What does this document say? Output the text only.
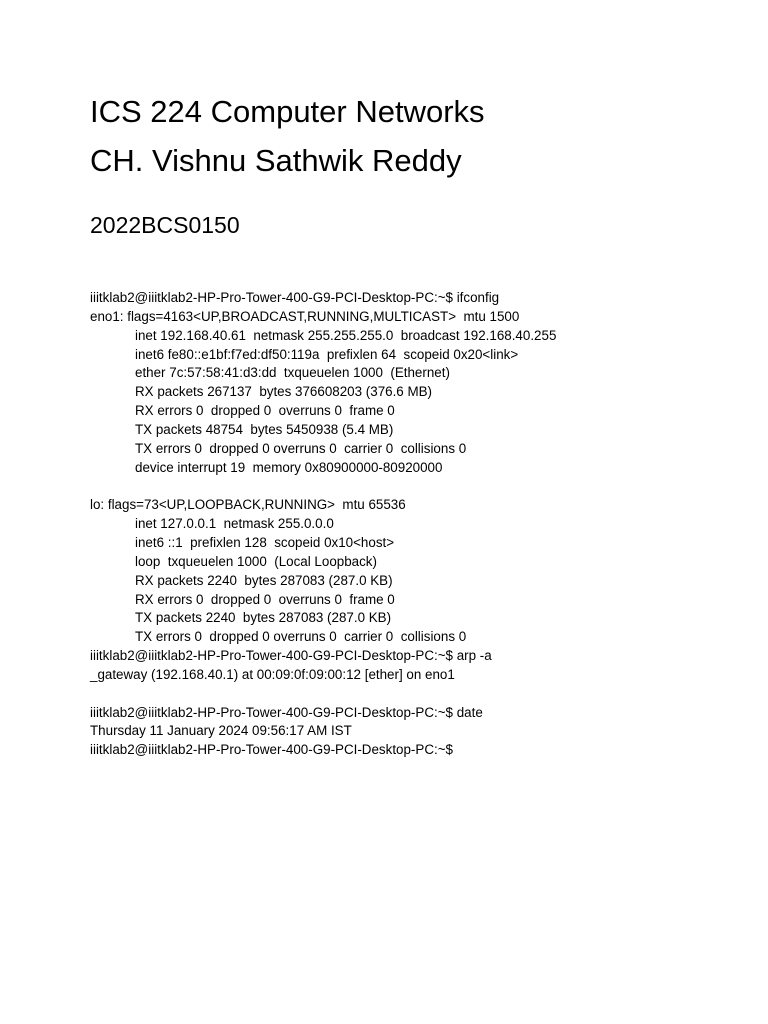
ICS 224 Computer Networks
CH. Vishnu Sathwik Reddy
2022BCS0150
iiitklab2@iiitklab2-HP-Pro-Tower-400-G9-PCI-Desktop-PC:~$ ifconfig
eno1: flags=4163<UP,BROADCAST,RUNNING,MULTICAST>  mtu 1500
inet 192.168.40.61  netmask 255.255.255.0  broadcast 192.168.40.255
inet6 fe80::e1bf:f7ed:df50:119a  prefixlen 64  scopeid 0x20<link>
ether 7c:57:58:41:d3:dd  txqueuelen 1000  (Ethernet)
RX packets 267137  bytes 376608203 (376.6 MB)
RX errors 0  dropped 0  overruns 0  frame 0
TX packets 48754  bytes 5450938 (5.4 MB)
TX errors 0  dropped 0 overruns 0  carrier 0  collisions 0
device interrupt 19  memory 0x80900000-80920000
lo: flags=73<UP,LOOPBACK,RUNNING>  mtu 65536
inet 127.0.0.1  netmask 255.0.0.0
inet6 ::1  prefixlen 128  scopeid 0x10<host>
loop  txqueuelen 1000  (Local Loopback)
RX packets 2240  bytes 287083 (287.0 KB)
RX errors 0  dropped 0  overruns 0  frame 0
TX packets 2240  bytes 287083 (287.0 KB)
TX errors 0  dropped 0 overruns 0  carrier 0  collisions 0
iiitklab2@iiitklab2-HP-Pro-Tower-400-G9-PCI-Desktop-PC:~$ arp -a
_gateway (192.168.40.1) at 00:09:0f:09:00:12 [ether] on eno1
iiitklab2@iiitklab2-HP-Pro-Tower-400-G9-PCI-Desktop-PC:~$ date
Thursday 11 January 2024 09:56:17 AM IST
iiitklab2@iiitklab2-HP-Pro-Tower-400-G9-PCI-Desktop-PC:~$
